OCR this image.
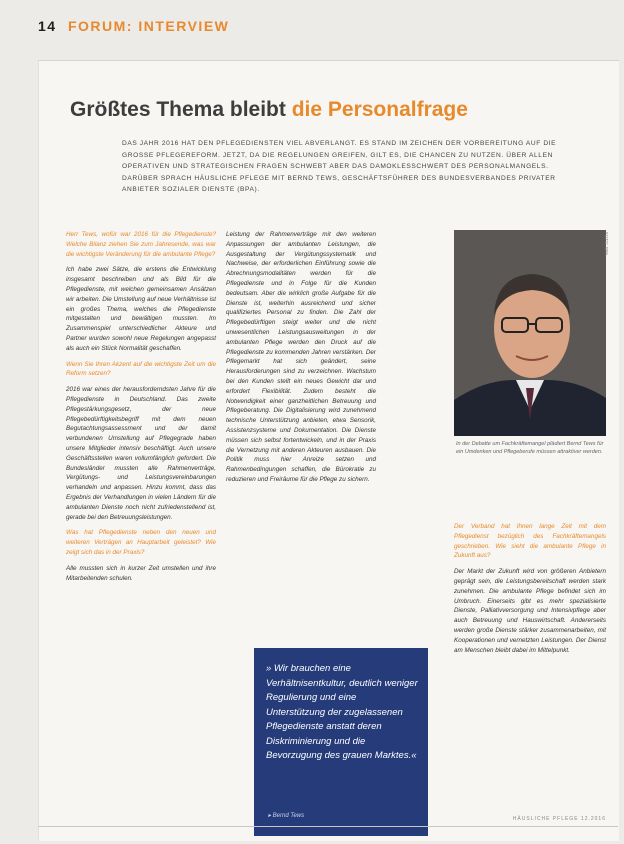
14 FORUM: INTERVIEW
Größtes Thema bleibt die Personalfrage
DAS JAHR 2016 HAT DEN PFLEGEDIENSTEN VIEL ABVERLANGT. ES STAND IM ZEICHEN DER VORBEREITUNG AUF DIE GROSSE PFLEGEREFORM. JETZT, DA DIE REGELUNGEN GREIFEN, GILT ES, DIE CHANCEN ZU NUTZEN. ÜBER ALLEN OPERATIVEN UND STRATEGISCHEN FRAGEN SCHWEBT ABER DAS DAMOKLESSCHWERT DES PERSONALMANGELS. DARÜBER SPRACH HÄUSLICHE PFLEGE MIT BERND TEWS, GESCHÄFTSFÜHRER DES BUNDESVERBANDES PRIVATER ANBIETER SOZIALER DIENSTE (BPA).

Herr Tews, wofür war 2016 für die Pflegedienste? Welche Bilanz ziehen Sie zum Jahresende, was war die wichtigste Veränderung für die ambulante Pflege?

Ich habe zwei Sätze, die erstens die Entwicklung insgesamt beschreiben und als Bild für die Pflegedienste, mit welchen gemeinsamen Ansätzen wir arbeiten. Die Umstellung auf neue Verhältnisse ist ein großes Thema, welches die Pflegedienste mitgestalten und bewältigen mussten. Im Zusammenspiel unterschiedlicher Akteure und Partner wurden sowohl neue Regelungen angepasst als auch ein Stück Normalität geschaffen.

Wenn Sie Ihren Akzent auf die wichtigste Zeit um die Reform setzen?

2016 war eines der herausforderndsten Jahre für die Pflegedienste in Deutschland. Das zweite Pflegestärkungsgesetz, der neue Pflegebedürftigkeitsbegriff mit dem neuen Begutachtungsassessment und der damit verbundenen Umstellung auf Pflegegrade haben unsere Mitglieder intensiv beschäftigt. Auch unsere Geschäftsstellen waren vollumfänglich gefordert. Die Bundesländer mussten alle Rahmenverträge, Vergütungs- und Leistungsvereinbarungen verhandeln und anpassen. Hinzu kommt, dass das Ergebnis der Verhandlungen in vielen Ländern für die ambulanten Dienste noch nicht zufriedenstellend ist, gerade bei den Betreuungsleistungen.

Was hat Pflegedienste neben den neuen und weiteren Verträgen an Hauptarbeit geleistet? Wie zeigt sich das in der Praxis?

Alle mussten sich in kurzer Zeit umstellen und ihre Mitarbeitenden schulen.

Leistung der Rahmenverträge mit den weiteren Anpassungen der ambulanten Leistungen, die Ausgestaltung der Vergütungssystematik und Nachweise, der erforderlichen Einführung sowie die Abrechnungsmodalitäten werden für die Pflegedienste und in Folge für die Kunden bedeutsam. Aber die wirklich große Aufgabe für die Dienste ist, weiterhin ausreichend und sicher qualifiziertes Personal zu finden. Die Zahl der Pflegebedürftigen steigt weiter und die nicht unwesentlichen Leistungsausweitungen in der ambulanten Pflege werden den Druck auf die Pflegedienste zu kommenden Jahren verstärken. Der Pflegemarkt hat sich geändert, seine Herausforderungen sind zu verzeichnen. Wachstum bei den Kunden stellt ein neues Gewicht dar und erfordert Flexibilität. Zudem besteht die Notwendigkeit einer ganzheitlichen Betreuung und Pflegeberatung. Die Digitalisierung wird zunehmend technische Unterstützung anbieten, etwa Sensorik, Assistenzsysteme und Dokumentation. Die Dienste müssen sich selbst fortentwickeln, und in der Praxis die Vernetzung mit anderen Akteuren ausbauen. Die Politik muss hier Anreize setzen und Rahmenbedingungen schaffen, die Bürokratie zu reduzieren und Freiräume für die Pflege zu sichern.

FOTO: BPA
In der Debatte um Fachkräftemangel plädiert Bernd Tews für ein Umdenken und Pflegeberufe müssen attraktiver werden.

Der Verband hat Ihnen lange Zeit mit dem Pflegedienst bezüglich des Fachkräftemangels geschrieben. Wie sieht die ambulante Pflege in Zukunft aus?

Der Markt der Zukunft wird von größeren Anbietern geprägt sein, die Leistungsbereitschaft werden stark zunehmen. Die ambulante Pflege befindet sich im Umbruch. Einerseits gibt es mehr spezialisierte Dienste, Palliativversorgung und Intensivpflege aber auch Betreuung und Hauswirtschaft. Andererseits werden große Dienste stärker zusammenarbeiten, mit Kooperationen und vernetzten Leistungen. Der Dienst am Menschen bleibt dabei im Mittelpunkt.

» Wir brauchen eine Verhältnisentkultur, deutlich weniger Regulierung und eine Unterstützung der zugelassenen Pflegedienste anstatt deren Diskriminierung und die Bevorzugung des grauen Marktes.«
▸ Bernd Tews	HÄUSLICHE PFLEGE 12.2016
